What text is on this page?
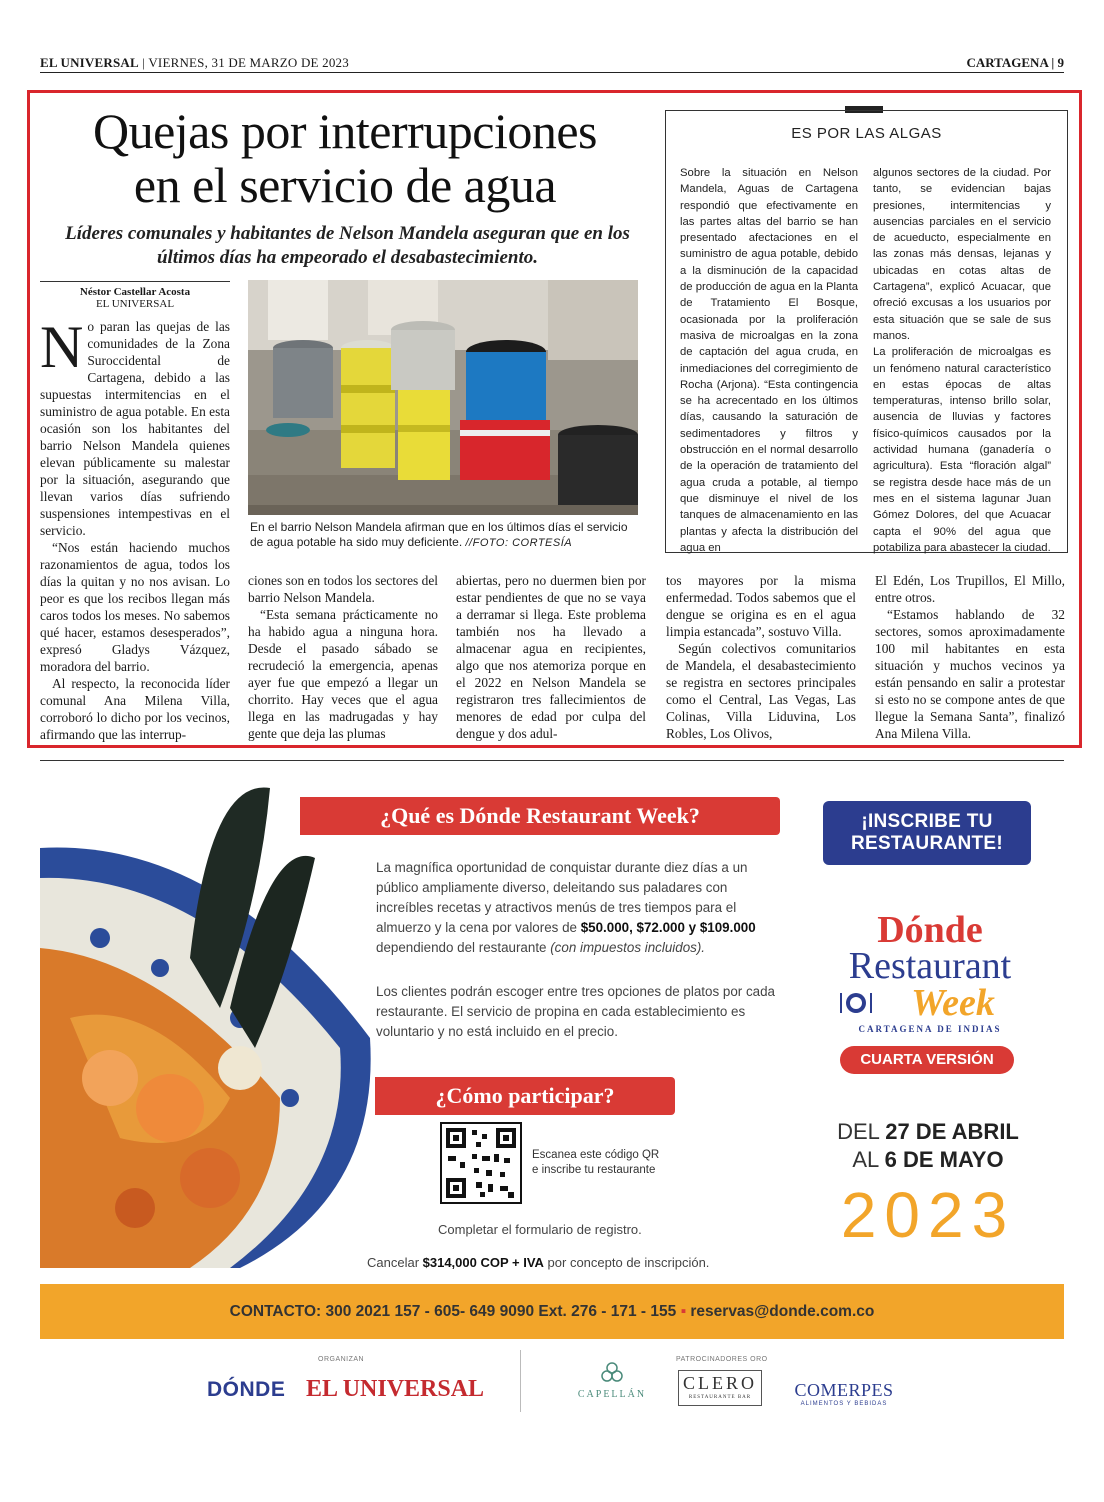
EL UNIVERSAL | VIERNES, 31 DE MARZO DE 2023	CARTAGENA | 9
Quejas por interrupciones
en el servicio de agua
Líderes comunales y habitantes de Nelson Mandela aseguran que en los últimos días ha empeorado el desabastecimiento.
Néstor Castellar Acosta
EL UNIVERSAL

No paran las quejas de las comunidades de la Zona Suroccidental de Cartagena, debido a las supuestas intermitencias en el suministro de agua potable. En esta ocasión son los habitantes del barrio Nelson Mandela quienes elevan públicamente su malestar por la situación, asegurando que llevan varios días sufriendo suspensiones intempestivas en el servicio.

“Nos están haciendo muchos razonamientos de agua, todos los días la quitan y no nos avisan. Lo peor es que los recibos llegan más caros todos los meses. No sabemos qué hacer, estamos desesperados”, expresó Gladys Vázquez, moradora del barrio.

Al respecto, la reconocida líder comunal Ana Milena Villa, corroboró lo dicho por los vecinos, afirmando que las interrup-

En el barrio Nelson Mandela afirman que en los últimos días el servicio de agua potable ha sido muy deficiente. //FOTO: CORTESÍA
ES POR LAS ALGAS
Sobre la situación en Nelson Mandela, Aguas de Cartagena respondió que efectivamente en las partes altas del barrio se han presentado afectaciones en el suministro de agua potable, debido a la disminución de la capacidad de producción de agua en la Planta de Tratamiento El Bosque, ocasionada por la proliferación masiva de microalgas en la zona de captación del agua cruda, en inmediaciones del corregimiento de Rocha (Arjona). “Esta contingencia se ha acrecentado en los últimos días, causando la saturación de sedimentadores y filtros y obstrucción en el normal desarrollo de la operación de tratamiento del agua cruda a potable, al tiempo que disminuye el nivel de los tanques de almacenamiento en las plantas y afecta la distribución del agua en

algunos sectores de la ciudad. Por tanto, se evidencian bajas presiones, intermitencias y ausencias parciales en el servicio de acueducto, especialmente en las zonas más densas, lejanas y ubicadas en cotas altas de Cartagena”, explicó Acuacar, que ofreció excusas a los usuarios por esta situación que se sale de sus manos.

La proliferación de microalgas es un fenómeno natural característico en estas épocas de altas temperaturas, intenso brillo solar, ausencia de lluvias y factores físico-químicos causados por la actividad humana (ganadería o agricultura). Esta “floración algal” se registra desde hace más de un mes en el sistema lagunar Juan Gómez Dolores, del que Acuacar capta el 90% del agua que potabiliza para abastecer la ciudad.

ciones son en todos los sectores del barrio Nelson Mandela.

“Esta semana prácticamente no ha habido agua a ninguna hora. Desde el pasado sábado se recrudeció la emergencia, apenas ayer fue que empezó a llegar un chorrito. Hay veces que el agua llega en las madrugadas y hay gente que deja las plumas

abiertas, pero no duermen bien por estar pendientes de que no se vaya a derramar si llega. Este problema también nos ha llevado a almacenar agua en recipientes, algo que nos atemoriza porque en el 2022 en Nelson Mandela se registraron tres fallecimientos de menores de edad por culpa del dengue y dos adul-

tos mayores por la misma enfermedad. Todos sabemos que el dengue se origina es en el agua limpia estancada”, sostuvo Villa.

Según colectivos comunitarios de Mandela, el desabastecimiento se registra en sectores principales como el Central, Las Vegas, Las Colinas, Villa Liduvina, Los Robles, Los Olivos,

El Edén, Los Trupillos, El Millo, entre otros.

“Estamos hablando de 32 sectores, somos aproximadamente 100 mil habitantes en esta situación y muchos vecinos ya están pensando en salir a protestar si esto no se compone antes de que llegue la Semana Santa”, finalizó Ana Milena Villa.

¿Qué es Dónde Restaurant Week?
La magnífica oportunidad de conquistar durante diez días a un público ampliamente diverso, deleitando sus paladares con increíbles recetas y atractivos menús de tres tiempos para el almuerzo y la cena por valores de $50.000, $72.000 y $109.000 dependiendo del restaurante (con impuestos incluidos).
Los clientes podrán escoger entre tres opciones de platos por cada restaurante. El servicio de propina en cada establecimiento es voluntario y no está incluido en el precio.
¿Cómo participar?
Escanea este código QR
e inscribe tu restaurante
Completar el formulario de registro.
Cancelar $314,000 COP + IVA por concepto de inscripción.
¡INSCRIBE TU
RESTAURANTE!
Dónde
Restaurant
Week
CARTAGENA DE INDIAS
CUARTA VERSIÓN
DEL 27 DE ABRIL
AL 6 DE MAYO
2023
CONTACTO: 300 2021 157 - 605- 649 9090 Ext. 276 - 171 - 155 ▪ reservas@donde.com.co
ORGANIZAN	PATROCINADORES ORO
DÓNDE EL UNIVERSAL	CAPELLÁN
CLERO
RESTAURANTE BAR	COMERPES
ALIMENTOS Y BEBIDAS
